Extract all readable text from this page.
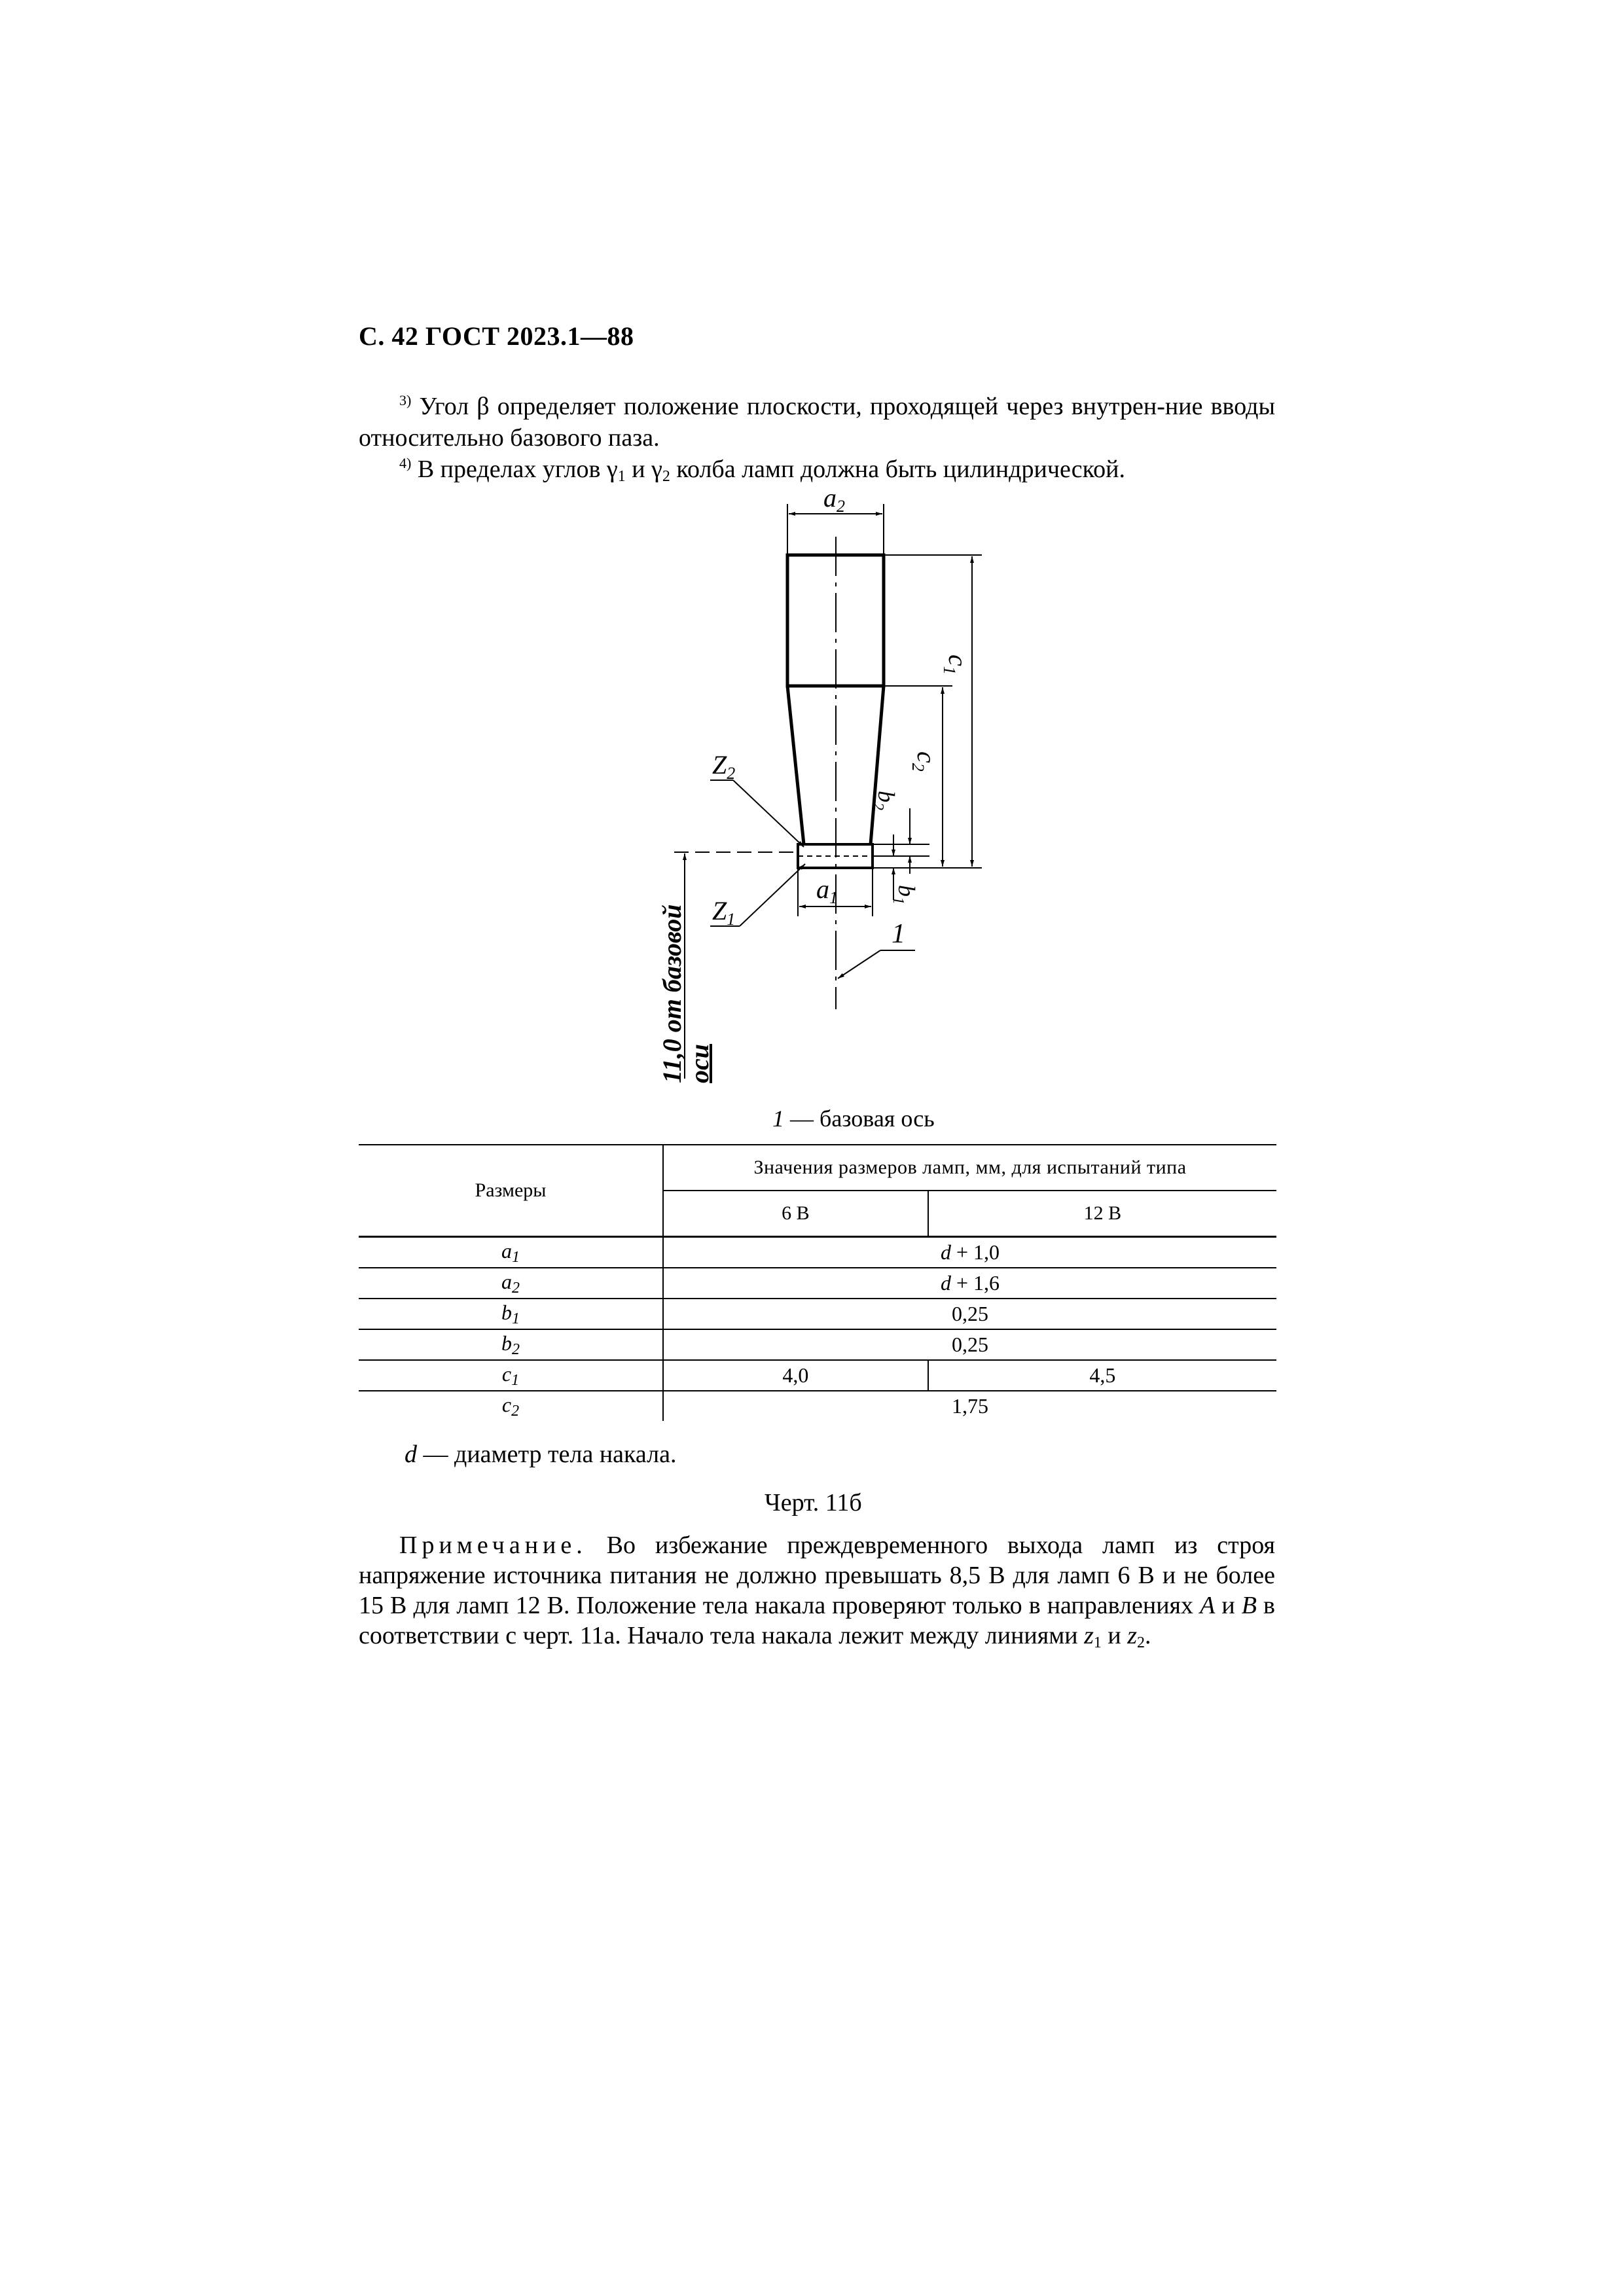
С. 42 ГОСТ 2023.1—88
$^{3)}$ Угол β определяет положение плоскости, проходящей через внутрен-ние вводы относительно базового паза.
$^{4)}$ В пределах углов $\gamma_1$ и $\gamma_2$ колба ламп должна быть цилиндрической.
$a_2$
$c_1$
$c_2$
$b_2$
$b_1$
11,0 от базовой
оси
$a_1$
$Z_2$
$Z_1$	1
1 — базовая ось
Размеры	Значения размеров ламп, мм, для испытаний типа	
	6 В	12 В
$a_1$	d + 1,0	
$a_2$	d + 1,6	
$b_1$	0,25	
$b_2$	0,25	
$c_1$	4,0	4,5
$c_2$	1,75	
d — диаметр тела накала.
Черт. 11б
Примечание. Во избежание преждевременного выхода ламп из строя напряжение источника питания не должно превышать 8,5 В для ламп 6 В и не более 15 В для ламп 12 В. Положение тела накала проверяют только в направлениях A и B в соответствии с черт. 11а. Начало тела накала лежит между линиями $z_1$ и $z_2$.
